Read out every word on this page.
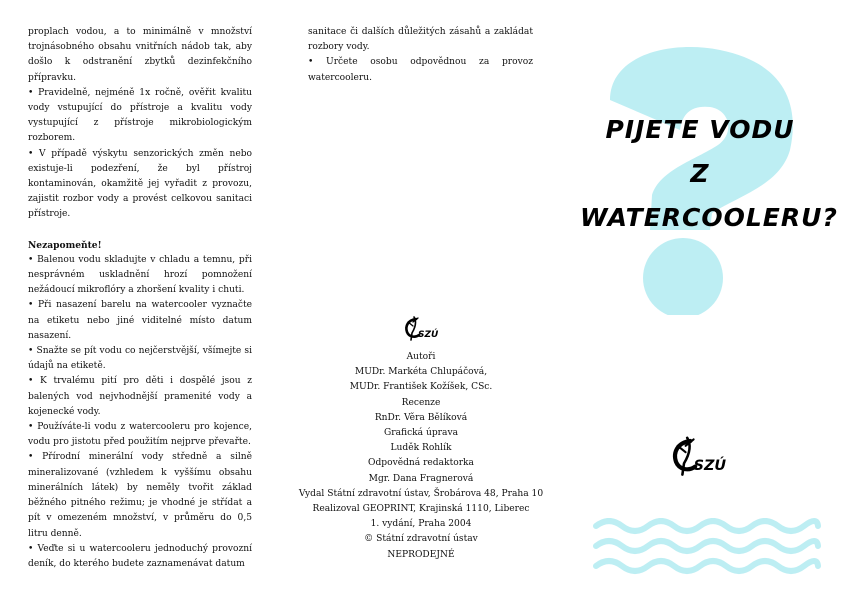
proplach vodou, a to minimálně v množství trojnásobného obsahu vnitřních nádob tak, aby došlo k odstranění zbytků dezinfekčního přípravku.

• Pravidelně, nejméně 1x ročně, ověřit kvalitu vody vstupující do přístroje a kvalitu vody vystupující z přístroje mikrobiologickým rozborem.

• V případě výskytu senzorických změn nebo existuje-li podezření, že byl přístroj kontaminován, okamžitě jej vyřadit z provozu, zajistit rozbor vody a provést celkovou sanitaci přístroje.

Nezapomeňte!

• Balenou vodu skladujte v chladu a temnu, při nesprávném uskladnění hrozí pomnožení nežádoucí mikroflóry a zhoršení kvality i chuti.

• Při nasazení barelu na watercooler vyznačte na etiketu nebo jiné viditelné místo datum nasazení.

• Snažte se pít vodu co nejčerstvější, všímejte si údajů na etiketě.

• K trvalému pití pro děti i dospělé jsou z balených vod nejvhodnější pramenité vody a kojenecké vody.

• Používáte-li vodu z watercooleru pro kojence, vodu pro jistotu před použitím nejprve převařte.

• Přírodní minerální vody středně a silně mineralizované (vzhledem k vyššímu obsahu minerálních látek) by neměly tvořit základ běžného pitného režimu; je vhodné je střídat a pít v omezeném množství, v průměru do 0,5 litru denně.

• Veďte si u watercooleru jednoduchý provozní deník, do kterého budete zaznamenávat datum

sanitace či dalších důležitých zásahů a zakládat rozbory vody.

• Určete osobu odpovědnou za provoz watercooleru.

SZÚ
Autoři
MUDr. Markéta Chlupáčová,
MUDr. František Kožíšek, CSc.
Recenze
RnDr. Věra Bělíková
Grafická úprava
Luděk Rohlík
Odpovědná redaktorka
Mgr. Dana Fragnerová
Vydal Státní zdravotní ústav, Šrobárova 48, Praha 10
Realizoval GEOPRINT, Krajinská 1110, Liberec
1. vydání, Praha 2004
© Státní zdravotní ústav
NEPRODEJNÉ
PIJETE VODU
Z
WATERCOOLERU?
SZÚ
